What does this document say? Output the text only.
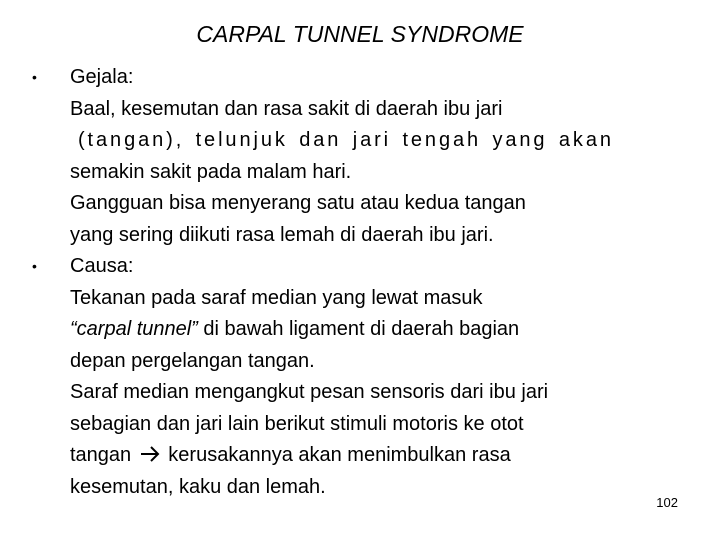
CARPAL TUNNEL SYNDROME
• Gejala:
Baal, kesemutan dan rasa sakit di daerah ibu jari
(tangan), telunjuk dan jari tengah yang akan
semakin sakit pada malam hari.
Gangguan bisa menyerang satu atau kedua tangan
yang sering diikuti rasa lemah di daerah ibu jari.
• Causa:
Tekanan pada saraf median yang lewat masuk
“carpal tunnel” di bawah ligament di daerah bagian
depan pergelangan tangan.
Saraf median mengangkut pesan sensoris dari ibu jari
sebagian dan jari lain berikut stimuli motoris ke otot
tangan kerusakannya akan menimbulkan rasa
kesemutan, kaku dan lemah.
102
